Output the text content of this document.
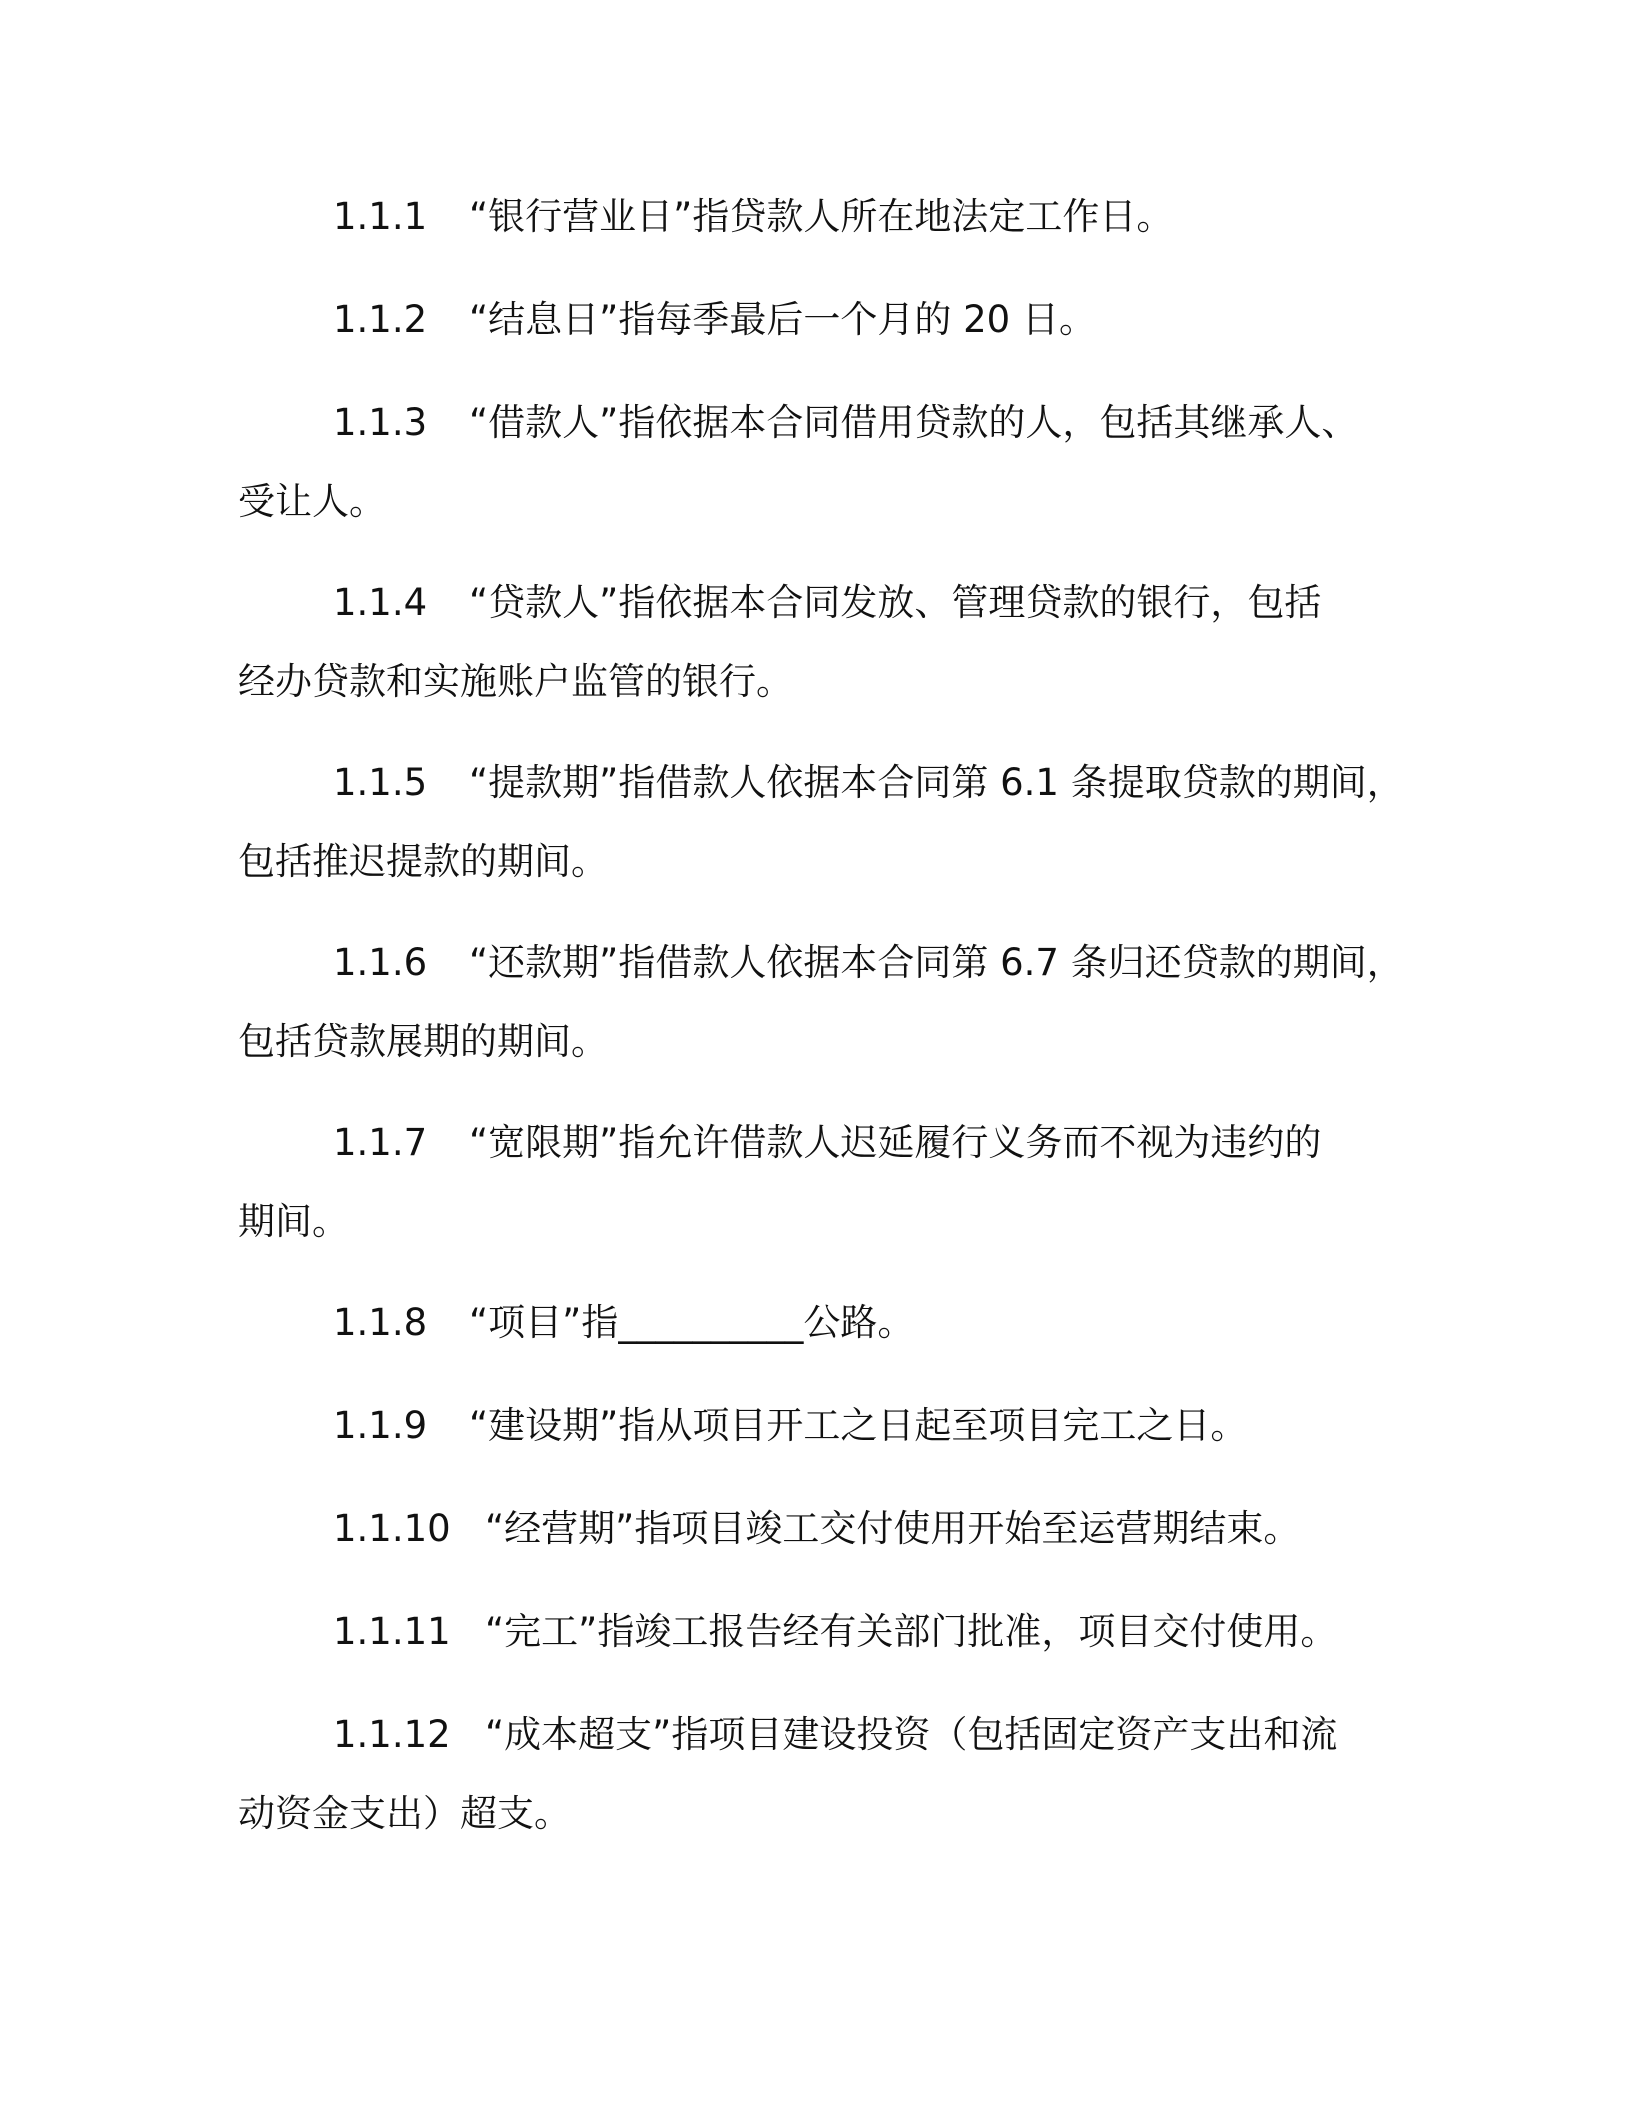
1.1.1 “银行营业日”指贷款人所在地法定工作日。
1.1.2 “结息日”指每季最后一个月的 20 日。
1.1.3 “借款人”指依据本合同借用贷款的人，包括其继承人、
受让人。
1.1.4 “贷款人”指依据本合同发放、管理贷款的银行，包括
经办贷款和实施账户监管的银行。
1.1.5 “提款期”指借款人依据本合同第 6.1 条提取贷款的期间，
包括推迟提款的期间。
1.1.6 “还款期”指借款人依据本合同第 6.7 条归还贷款的期间，
包括贷款展期的期间。
1.1.7 “宽限期”指允许借款人迟延履行义务而不视为违约的
期间。
1.1.8 “项目”指__________公路。
1.1.9 “建设期”指从项目开工之日起至项目完工之日。
1.1.10 “经营期”指项目竣工交付使用开始至运营期结束。
1.1.11 “完工”指竣工报告经有关部门批准，项目交付使用。
1.1.12 “成本超支”指项目建设投资（包括固定资产支出和流
动资金支出）超支。
